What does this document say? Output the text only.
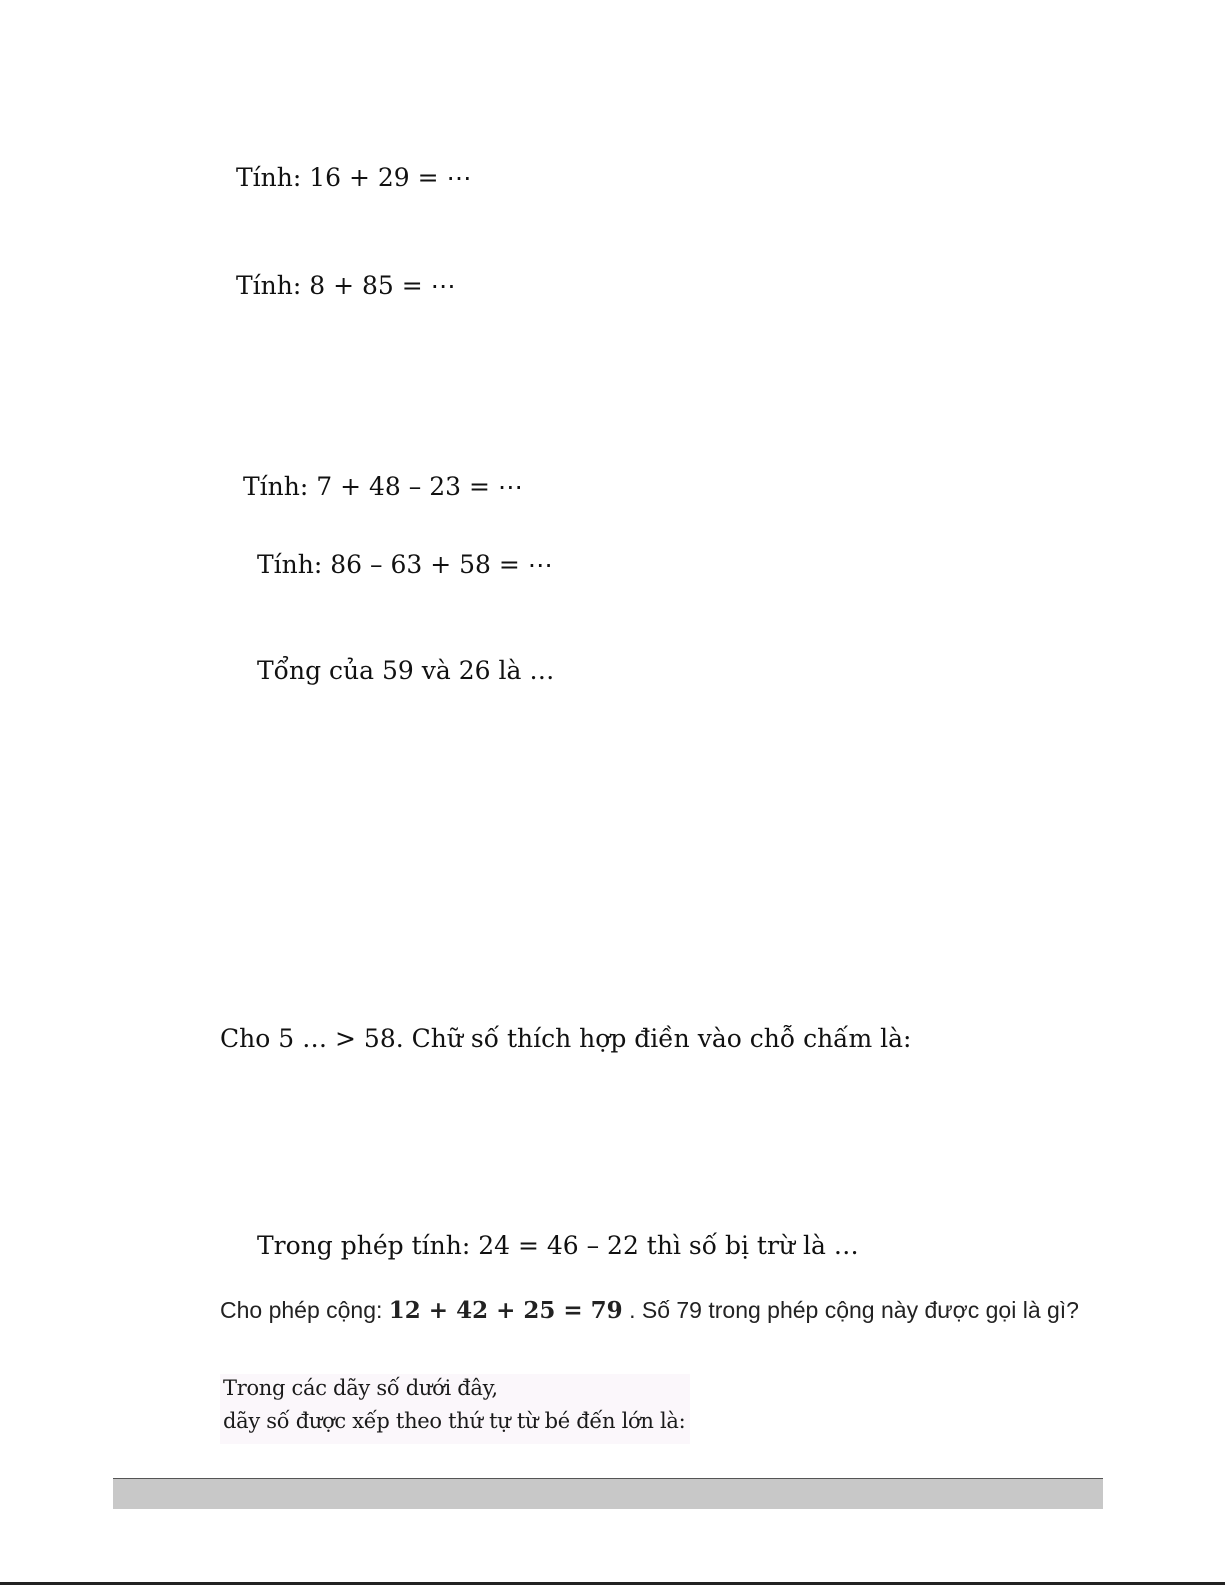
Tính: 16 + 29 = ⋯
Tính: 8 + 85 = ⋯
Tính: 7 + 48 – 23 = ⋯
Tính: 86 – 63 + 58 = ⋯
Tổng của 59 và 26 là …
Cho 5 … > 58. Chữ số thích hợp điền vào chỗ chấm là:
Trong phép tính: 24 = 46 – 22 thì số bị trừ là …
Cho phép cộng: 12 + 42 + 25 = 79 . Số 79 trong phép cộng này được gọi là gì?
Trong các dãy số dưới đây,
dãy số được xếp theo thứ tự từ bé đến lớn là:
